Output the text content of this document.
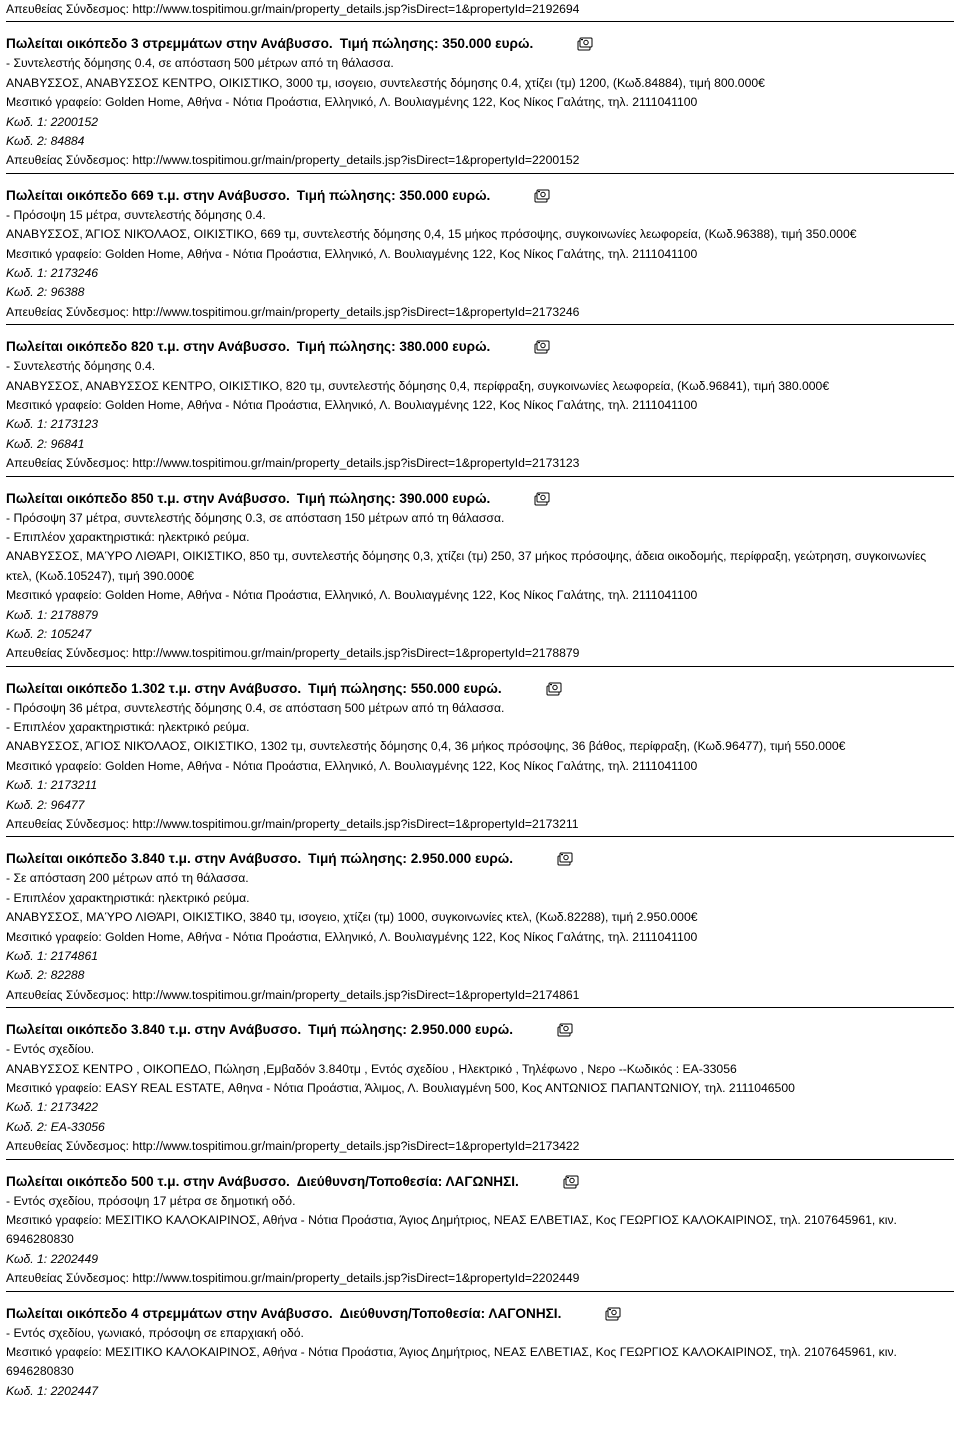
Απευθείας Σύνδεσμος: http://www.tospitimou.gr/main/property_details.jsp?isDirect=1&propertyId=2192694
Πωλείται οικόπεδο 3 στρεμμάτων στην Ανάβυσσο. Τιμή πώλησης: 350.000 ευρώ.
- Συντελεστής δόμησης 0.4, σε απόσταση 500 μέτρων από τη θάλασσα.
ΑΝΑΒΥΣΣΟΣ, ΑΝΑΒΥΣΣΟΣ ΚΕΝΤΡΟ, ΟΙΚΙΣΤΙΚΟ, 3000 τμ, ισογειο, συντελεστής δόμησης 0.4, χτίζει (τμ) 1200, (Κωδ.84884), τιμή 800.000€
Μεσιτικό γραφείο: Golden Home, Αθήνα - Νότια Προάστια, Ελληνικό, Λ. Βουλιαγμένης 122, Κος Νίκος Γαλάτης, τηλ. 2111041100
Κωδ. 1: 2200152
Κωδ. 2: 84884
Απευθείας Σύνδεσμος: http://www.tospitimou.gr/main/property_details.jsp?isDirect=1&propertyId=2200152
Πωλείται οικόπεδο 669 τ.μ. στην Ανάβυσσο. Τιμή πώλησης: 350.000 ευρώ.
- Πρόσοψη 15 μέτρα, συντελεστής δόμησης 0.4.
ΑΝΑΒΥΣΣΟΣ, ΆΓΙΟΣ ΝΙΚΌΛΑΟΣ, ΟΙΚΙΣΤΙΚΟ, 669 τμ, συντελεστής δόμησης 0,4, 15 μήκος πρόσοψης, συγκοινωνίες λεωφορεία, (Κωδ.96388), τιμή 350.000€
Μεσιτικό γραφείο: Golden Home, Αθήνα - Νότια Προάστια, Ελληνικό, Λ. Βουλιαγμένης 122, Κος Νίκος Γαλάτης, τηλ. 2111041100
Κωδ. 1: 2173246
Κωδ. 2: 96388
Απευθείας Σύνδεσμος: http://www.tospitimou.gr/main/property_details.jsp?isDirect=1&propertyId=2173246
Πωλείται οικόπεδο 820 τ.μ. στην Ανάβυσσο. Τιμή πώλησης: 380.000 ευρώ.
- Συντελεστής δόμησης 0.4.
ΑΝΑΒΥΣΣΟΣ, ΑΝΑΒΥΣΣΟΣ ΚΕΝΤΡΟ, ΟΙΚΙΣΤΙΚΟ, 820 τμ, συντελεστής δόμησης 0,4, περίφραξη, συγκοινωνίες λεωφορεία, (Κωδ.96841), τιμή 380.000€
Μεσιτικό γραφείο: Golden Home, Αθήνα - Νότια Προάστια, Ελληνικό, Λ. Βουλιαγμένης 122, Κος Νίκος Γαλάτης, τηλ. 2111041100
Κωδ. 1: 2173123
Κωδ. 2: 96841
Απευθείας Σύνδεσμος: http://www.tospitimou.gr/main/property_details.jsp?isDirect=1&propertyId=2173123
Πωλείται οικόπεδο 850 τ.μ. στην Ανάβυσσο. Τιμή πώλησης: 390.000 ευρώ.
- Πρόσοψη 37 μέτρα, συντελεστής δόμησης 0.3, σε απόσταση 150 μέτρων από τη θάλασσα.
- Επιπλέον χαρακτηριστικά: ηλεκτρικό ρεύμα.
ΑΝΑΒΥΣΣΟΣ, ΜΑΎΡΟ ΛΙΘΆΡΙ, ΟΙΚΙΣΤΙΚΟ, 850 τμ, συντελεστής δόμησης 0,3, χτίζει (τμ) 250, 37 μήκος πρόσοψης, άδεια οικοδομής, περίφραξη, γεώτρηση, συγκοινωνίες κτελ, (Κωδ.105247), τιμή 390.000€
Μεσιτικό γραφείο: Golden Home, Αθήνα - Νότια Προάστια, Ελληνικό, Λ. Βουλιαγμένης 122, Κος Νίκος Γαλάτης, τηλ. 2111041100
Κωδ. 1: 2178879
Κωδ. 2: 105247
Απευθείας Σύνδεσμος: http://www.tospitimou.gr/main/property_details.jsp?isDirect=1&propertyId=2178879
Πωλείται οικόπεδο 1.302 τ.μ. στην Ανάβυσσο. Τιμή πώλησης: 550.000 ευρώ.
- Πρόσοψη 36 μέτρα, συντελεστής δόμησης 0.4, σε απόσταση 500 μέτρων από τη θάλασσα.
- Επιπλέον χαρακτηριστικά: ηλεκτρικό ρεύμα.
ΑΝΑΒΥΣΣΟΣ, ΆΓΙΟΣ ΝΙΚΌΛΑΟΣ, ΟΙΚΙΣΤΙΚΟ, 1302 τμ, συντελεστής δόμησης 0,4, 36 μήκος πρόσοψης, 36 βάθος, περίφραξη, (Κωδ.96477), τιμή 550.000€
Μεσιτικό γραφείο: Golden Home, Αθήνα - Νότια Προάστια, Ελληνικό, Λ. Βουλιαγμένης 122, Κος Νίκος Γαλάτης, τηλ. 2111041100
Κωδ. 1: 2173211
Κωδ. 2: 96477
Απευθείας Σύνδεσμος: http://www.tospitimou.gr/main/property_details.jsp?isDirect=1&propertyId=2173211
Πωλείται οικόπεδο 3.840 τ.μ. στην Ανάβυσσο. Τιμή πώλησης: 2.950.000 ευρώ.
- Σε απόσταση 200 μέτρων από τη θάλασσα.
- Επιπλέον χαρακτηριστικά: ηλεκτρικό ρεύμα.
ΑΝΑΒΥΣΣΟΣ, ΜΑΎΡΟ ΛΙΘΆΡΙ, ΟΙΚΙΣΤΙΚΟ, 3840 τμ, ισογειο, χτίζει (τμ) 1000, συγκοινωνίες κτελ, (Κωδ.82288), τιμή 2.950.000€
Μεσιτικό γραφείο: Golden Home, Αθήνα - Νότια Προάστια, Ελληνικό, Λ. Βουλιαγμένης 122, Κος Νίκος Γαλάτης, τηλ. 2111041100
Κωδ. 1: 2174861
Κωδ. 2: 82288
Απευθείας Σύνδεσμος: http://www.tospitimou.gr/main/property_details.jsp?isDirect=1&propertyId=2174861
Πωλείται οικόπεδο 3.840 τ.μ. στην Ανάβυσσο. Τιμή πώλησης: 2.950.000 ευρώ.
- Εντός σχεδίου.
ΑΝΑΒΥΣΣΟΣ ΚΕΝΤΡΟ , ΟΙΚΟΠΕΔΟ, Πώληση ,Εμβαδόν 3.840τμ , Εντός σχεδίου , Ηλεκτρικό , Τηλέφωνο , Νερο --Κωδικός : ΕΑ-33056
Μεσιτικό γραφείο: EASY REAL ESTATE, Αθηνα - Νότια Προάστια, Άλιμος, Λ. Βουλιαγμένη 500, Κος ΑΝΤΩΝΙΟΣ ΠΑΠΑΝΤΩΝΙΟΥ, τηλ. 2111046500
Κωδ. 1: 2173422
Κωδ. 2: ΕΑ-33056
Απευθείας Σύνδεσμος: http://www.tospitimou.gr/main/property_details.jsp?isDirect=1&propertyId=2173422
Πωλείται οικόπεδο 500 τ.μ. στην Ανάβυσσο. Διεύθυνση/Τοποθεσία: ΛΑΓΩΝΗΣΙ.
- Εντός σχεδίου, πρόσοψη 17 μέτρα σε δημοτική οδό.
Μεσιτικό γραφείο: ΜΕΣΙΤΙΚΟ ΚΑΛΟΚΑΙΡΙΝΟΣ, Αθήνα - Νότια Προάστια, Άγιος Δημήτριος, ΝΕΑΣ ΕΛΒΕΤΙΑΣ, Κος ΓΕΩΡΓΙΟΣ ΚΑΛΟΚΑΙΡΙΝΟΣ, τηλ. 2107645961, κιν. 6946280830
Κωδ. 1: 2202449
Απευθείας Σύνδεσμος: http://www.tospitimou.gr/main/property_details.jsp?isDirect=1&propertyId=2202449
Πωλείται οικόπεδο 4 στρεμμάτων στην Ανάβυσσο. Διεύθυνση/Τοποθεσία: ΛΑΓΟΝΗΣΙ.
- Εντός σχεδίου, γωνιακό, πρόσοψη σε επαρχιακή οδό.
Μεσιτικό γραφείο: ΜΕΣΙΤΙΚΟ ΚΑΛΟΚΑΙΡΙΝΟΣ, Αθήνα - Νότια Προάστια, Άγιος Δημήτριος, ΝΕΑΣ ΕΛΒΕΤΙΑΣ, Κος ΓΕΩΡΓΙΟΣ ΚΑΛΟΚΑΙΡΙΝΟΣ, τηλ. 2107645961, κιν. 6946280830
Κωδ. 1: 2202447
